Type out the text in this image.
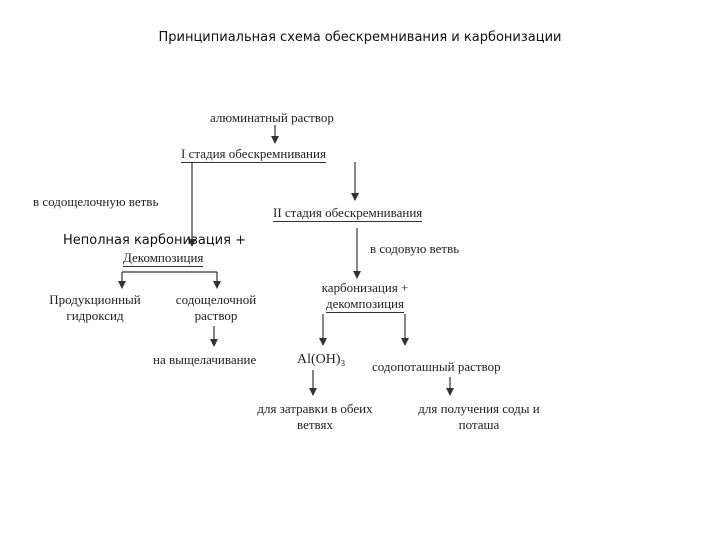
Принципиальная схема обескремнивания и карбонизации
алюминатный раствор
I стадия обескремнивания
в содощелочную ветвь
II стадия обескремнивания
Неполная карбонизация +
Декомпозиция
в содовую ветвь
карбонизация +
декомпозиция
Продукционный
гидроксид
содощелочной
раствор
на выщелачивание	Al(OH)₃ содопоташный раствор
для затравки в обеих
ветвях
для получения соды и
поташа
